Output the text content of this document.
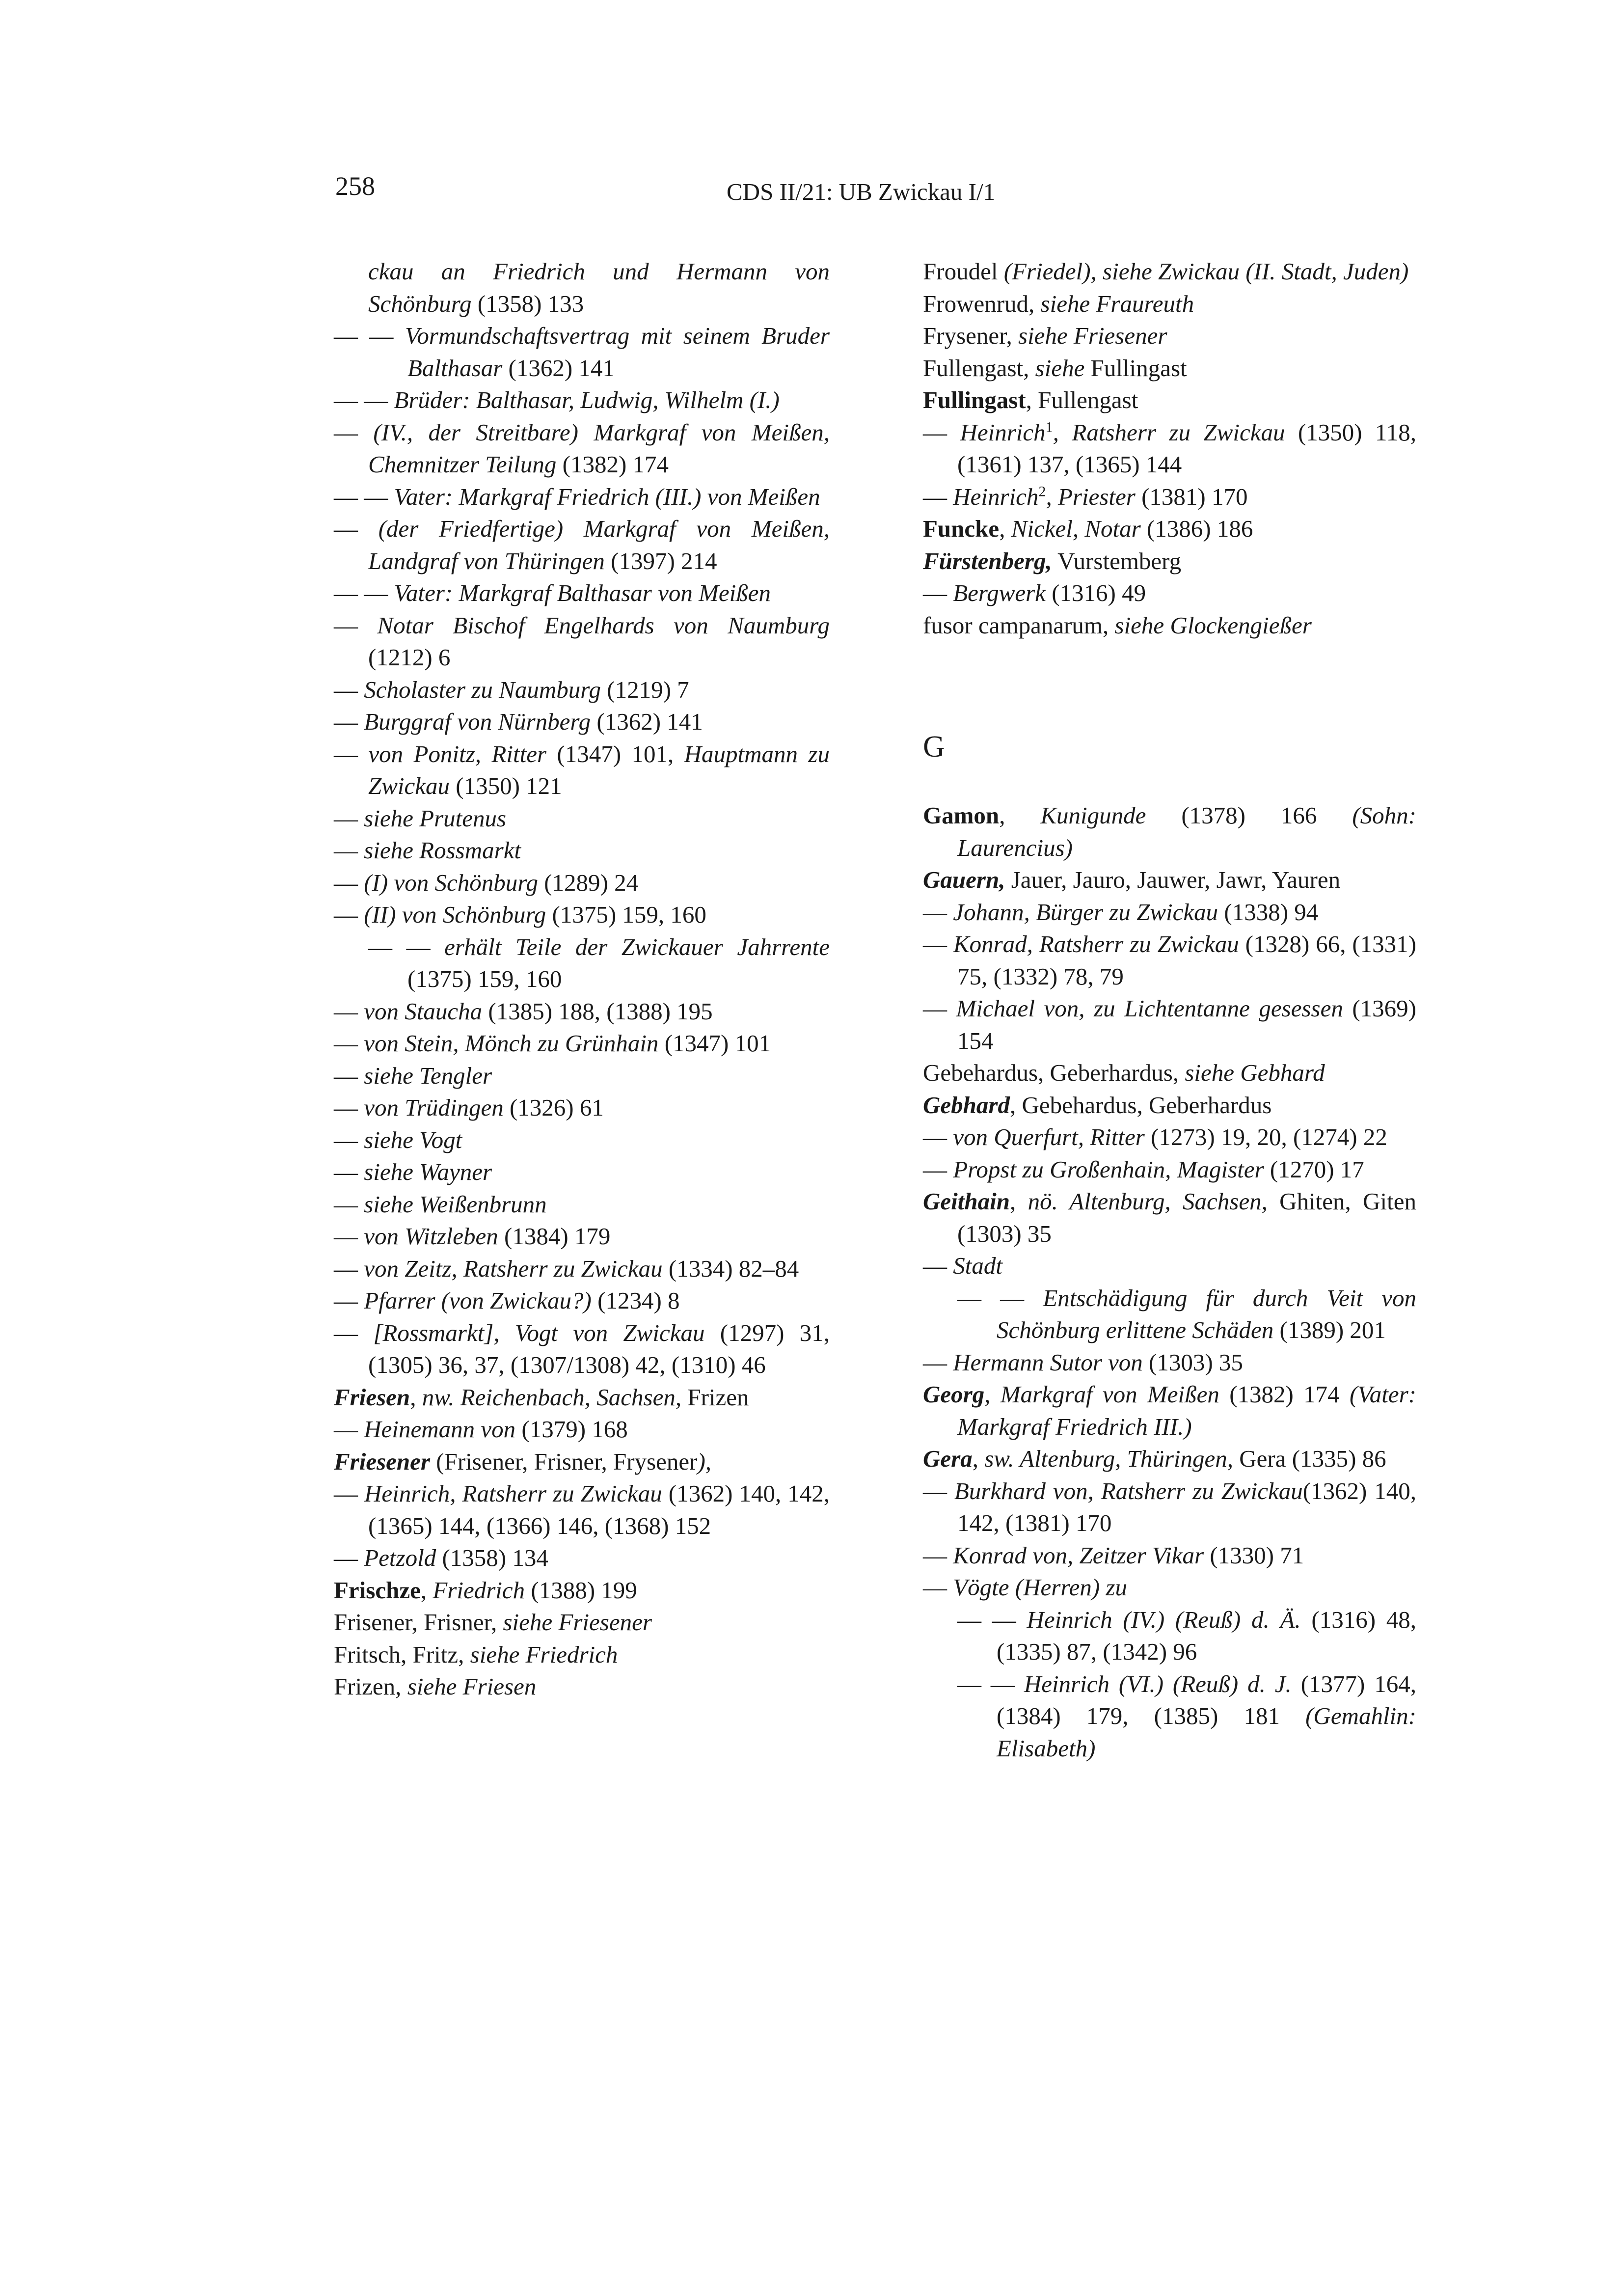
258	CDS II/21: UB Zwickau I/1
ckau an Friedrich und Hermann von Schönburg (1358) 133
— — Vormundschaftsvertrag mit seinem Bruder Balthasar (1362) 141
— — Brüder: Balthasar, Ludwig, Wilhelm (I.)
— (IV., der Streitbare) Markgraf von Meißen, Chemnitzer Teilung (1382) 174
— — Vater: Markgraf Friedrich (III.) von Meißen
— (der Friedfertige) Markgraf von Meißen, Landgraf von Thüringen (1397) 214
— — Vater: Markgraf Balthasar von Meißen
— Notar Bischof Engelhards von Naumburg (1212) 6
— Scholaster zu Naumburg (1219) 7
— Burggraf von Nürnberg (1362) 141
— von Ponitz, Ritter (1347) 101, Hauptmann zu Zwickau (1350) 121
— siehe Prutenus
— siehe Rossmarkt
— (I) von Schönburg (1289) 24
— (II) von Schönburg (1375) 159, 160
— — erhält Teile der Zwickauer Jahrrente (1375) 159, 160
— von Staucha (1385) 188, (1388) 195
— von Stein, Mönch zu Grünhain (1347) 101
— siehe Tengler
— von Trüdingen (1326) 61
— siehe Vogt
— siehe Wayner
— siehe Weißenbrunn
— von Witzleben (1384) 179
— von Zeitz, Ratsherr zu Zwickau (1334) 82–84
— Pfarrer (von Zwickau?) (1234) 8
— [Rossmarkt], Vogt von Zwickau (1297) 31, (1305) 36, 37, (1307/1308) 42, (1310) 46
Friesen, nw. Reichenbach, Sachsen, Frizen
— Heinemann von (1379) 168
Friesener (Frisener, Frisner, Frysener),
— Heinrich, Ratsherr zu Zwickau (1362) 140, 142, (1365) 144, (1366) 146, (1368) 152
— Petzold (1358) 134
Frischze, Friedrich (1388) 199
Frisener, Frisner, siehe Friesener
Fritsch, Fritz, siehe Friedrich
Frizen, siehe Friesen
Froudel (Friedel), siehe Zwickau (II. Stadt, Juden)
Frowenrud, siehe Fraureuth
Frysener, siehe Friesener
Fullengast, siehe Fullingast
Fullingast, Fullengast
— Heinrich$^1$, Ratsherr zu Zwickau (1350) 118, (1361) 137, (1365) 144
— Heinrich$^2$, Priester (1381) 170
Funcke, Nickel, Notar (1386) 186
Fürstenberg, Vurstemberg
— Bergwerk (1316) 49
fusor campanarum, siehe Glockengießer
G
Gamon, Kunigunde (1378) 166 (Sohn: Laurencius)
Gauern, Jauer, Jauro, Jauwer, Jawr, Yauren
— Johann, Bürger zu Zwickau (1338) 94
— Konrad, Ratsherr zu Zwickau (1328) 66, (1331) 75, (1332) 78, 79
— Michael von, zu Lichtentanne gesessen (1369) 154
Gebehardus, Geberhardus, siehe Gebhard
Gebhard, Gebehardus, Geberhardus
— von Querfurt, Ritter (1273) 19, 20, (1274) 22
— Propst zu Großenhain, Magister (1270) 17
Geithain, nö. Altenburg, Sachsen, Ghiten, Giten (1303) 35
— Stadt
— — Entschädigung für durch Veit von Schönburg erlittene Schäden (1389) 201
— Hermann Sutor von (1303) 35
Georg, Markgraf von Meißen (1382) 174 (Vater: Markgraf Friedrich III.)
Gera, sw. Altenburg, Thüringen, Gera (1335) 86
— Burkhard von, Ratsherr zu Zwickau(1362) 140, 142, (1381) 170
— Konrad von, Zeitzer Vikar (1330) 71
— Vögte (Herren) zu
— — Heinrich (IV.) (Reuß) d. Ä. (1316) 48, (1335) 87, (1342) 96
— — Heinrich (VI.) (Reuß) d. J. (1377) 164, (1384) 179, (1385) 181 (Gemahlin: Elisabeth)
